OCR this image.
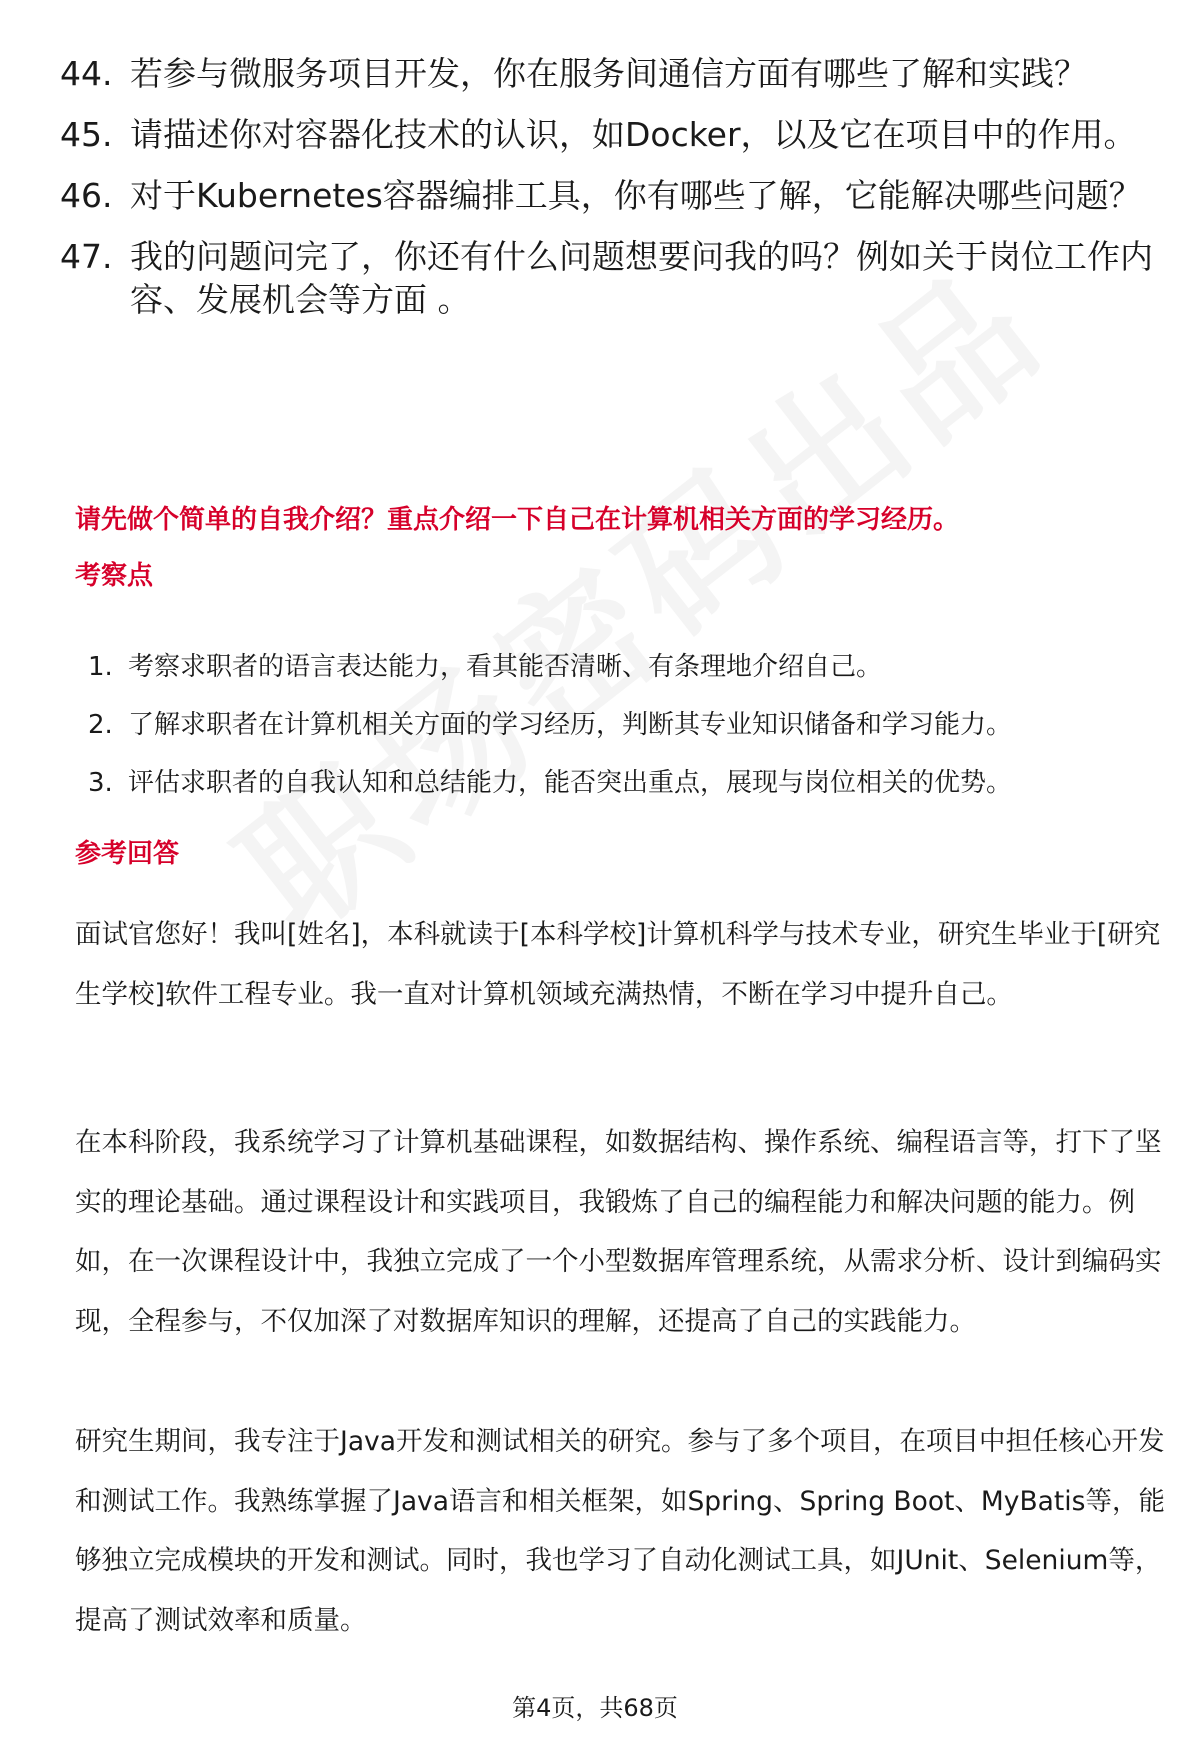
44. 若参与微服务项目开发，你在服务间通信方面有哪些了解和实践？
45. 请描述你对容器化技术的认识，如Docker，以及它在项目中的作用。
46. 对于Kubernetes容器编排工具，你有哪些了解，它能解决哪些问题？
47. 我的问题问完了，你还有什么问题想要问我的吗？例如关于岗位工作内容、发展机会等方面 。
请先做个简单的自我介绍？重点介绍一下自己在计算机相关方面的学习经历。
考察点
1. 考察求职者的语言表达能力，看其能否清晰、有条理地介绍自己。
2. 了解求职者在计算机相关方面的学习经历，判断其专业知识储备和学习能力。
3. 评估求职者的自我认知和总结能力，能否突出重点，展现与岗位相关的优势。
参考回答
面试官您好！我叫[姓名]，本科就读于[本科学校]计算机科学与技术专业，研究生毕业于[研究生学校]软件工程专业。我一直对计算机领域充满热情，不断在学习中提升自己。
在本科阶段，我系统学习了计算机基础课程，如数据结构、操作系统、编程语言等，打下了坚实的理论基础。通过课程设计和实践项目，我锻炼了自己的编程能力和解决问题的能力。例如，在一次课程设计中，我独立完成了一个小型数据库管理系统，从需求分析、设计到编码实现，全程参与，不仅加深了对数据库知识的理解，还提高了自己的实践能力。
研究生期间，我专注于Java开发和测试相关的研究。参与了多个项目，在项目中担任核心开发和测试工作。我熟练掌握了Java语言和相关框架，如Spring、Spring Boot、MyBatis等，能够独立完成模块的开发和测试。同时，我也学习了自动化测试工具，如JUnit、Selenium等，提高了测试效率和质量。
第4页，共68页
